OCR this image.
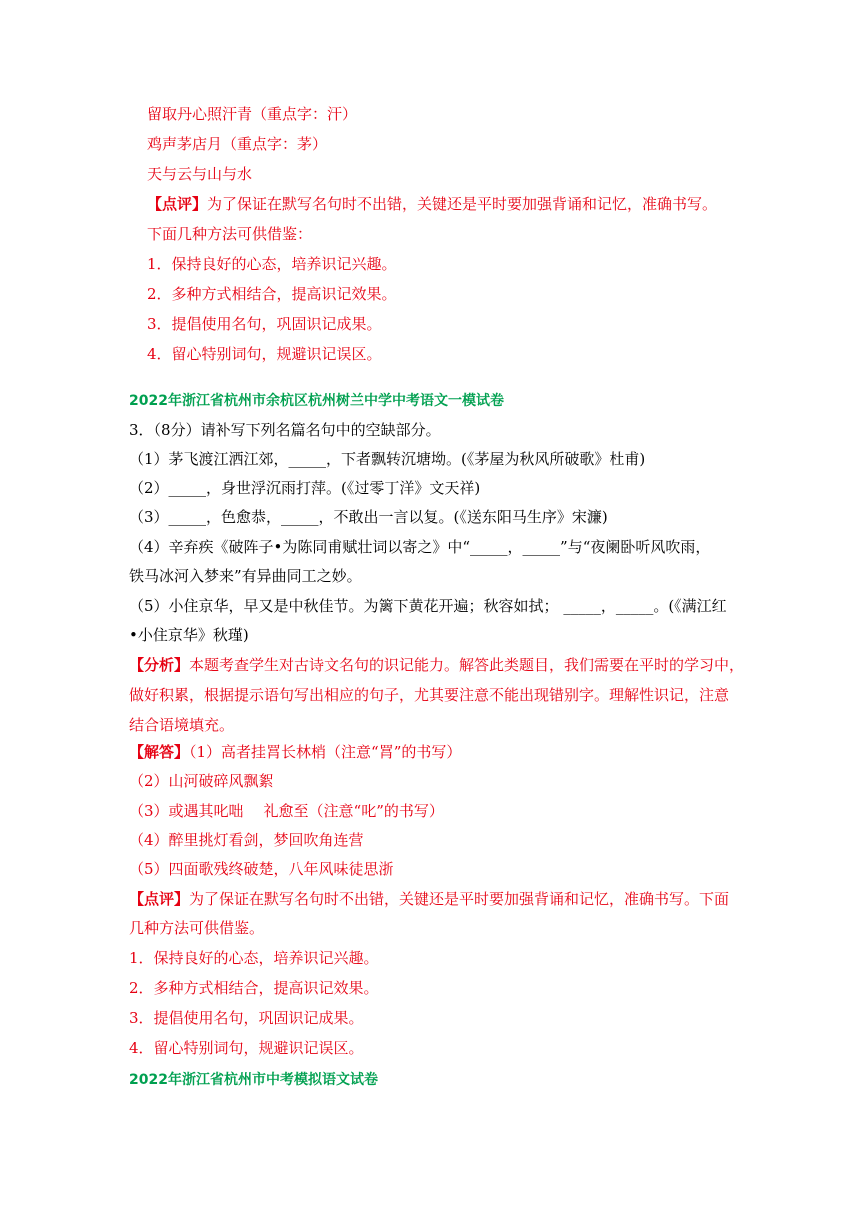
留取丹心照汗青（重点字：汗）
鸡声茅店月（重点字：茅）
天与云与山与水
【点评】为了保证在默写名句时不出错，关键还是平时要加强背诵和记忆，准确书写。
下面几种方法可供借鉴：
1．保持良好的心态，培养识记兴趣。
2．多种方式相结合，提高识记效果。
3．提倡使用名句，巩固识记成果。
4．留心特别词句，规避识记误区。
2022年浙江省杭州市余杭区杭州树兰中学中考语文一模试卷
3．（8分）请补写下列名篇名句中的空缺部分。
（1）茅飞渡江洒江郊，_____，下者飘转沉塘坳。(《茅屋为秋风所破歌》杜甫)
（2）_____，身世浮沉雨打萍。(《过零丁洋》文天祥)
（3）_____，色愈恭，_____，不敢出一言以复。(《送东阳马生序》宋濂)
（4）辛弃疾《破阵子•为陈同甫赋壮词以寄之》中“_____，_____”与“夜阑卧听风吹雨，
铁马冰河入梦来”有异曲同工之妙。
（5）小住京华，早又是中秋佳节。为篱下黄花开遍；秋容如拭； _____，_____。(《满江红
•小住京华》秋瑾)
【分析】本题考查学生对古诗文名句的识记能力。解答此类题目，我们需要在平时的学习中，
做好积累，根据提示语句写出相应的句子，尤其要注意不能出现错别字。理解性识记，注意
结合语境填充。
【解答】（1）高者挂罥长林梢（注意“罥”的书写）
（2）山河破碎风飘絮
（3）或遇其叱咄 礼愈至（注意“叱”的书写）
（4）醉里挑灯看剑，梦回吹角连营
（5）四面歌残终破楚，八年风味徒思浙
【点评】为了保证在默写名句时不出错，关键还是平时要加强背诵和记忆，准确书写。下面
几种方法可供借鉴。
1．保持良好的心态，培养识记兴趣。
2．多种方式相结合，提高识记效果。
3．提倡使用名句，巩固识记成果。
4．留心特别词句，规避识记误区。
2022年浙江省杭州市中考模拟语文试卷
